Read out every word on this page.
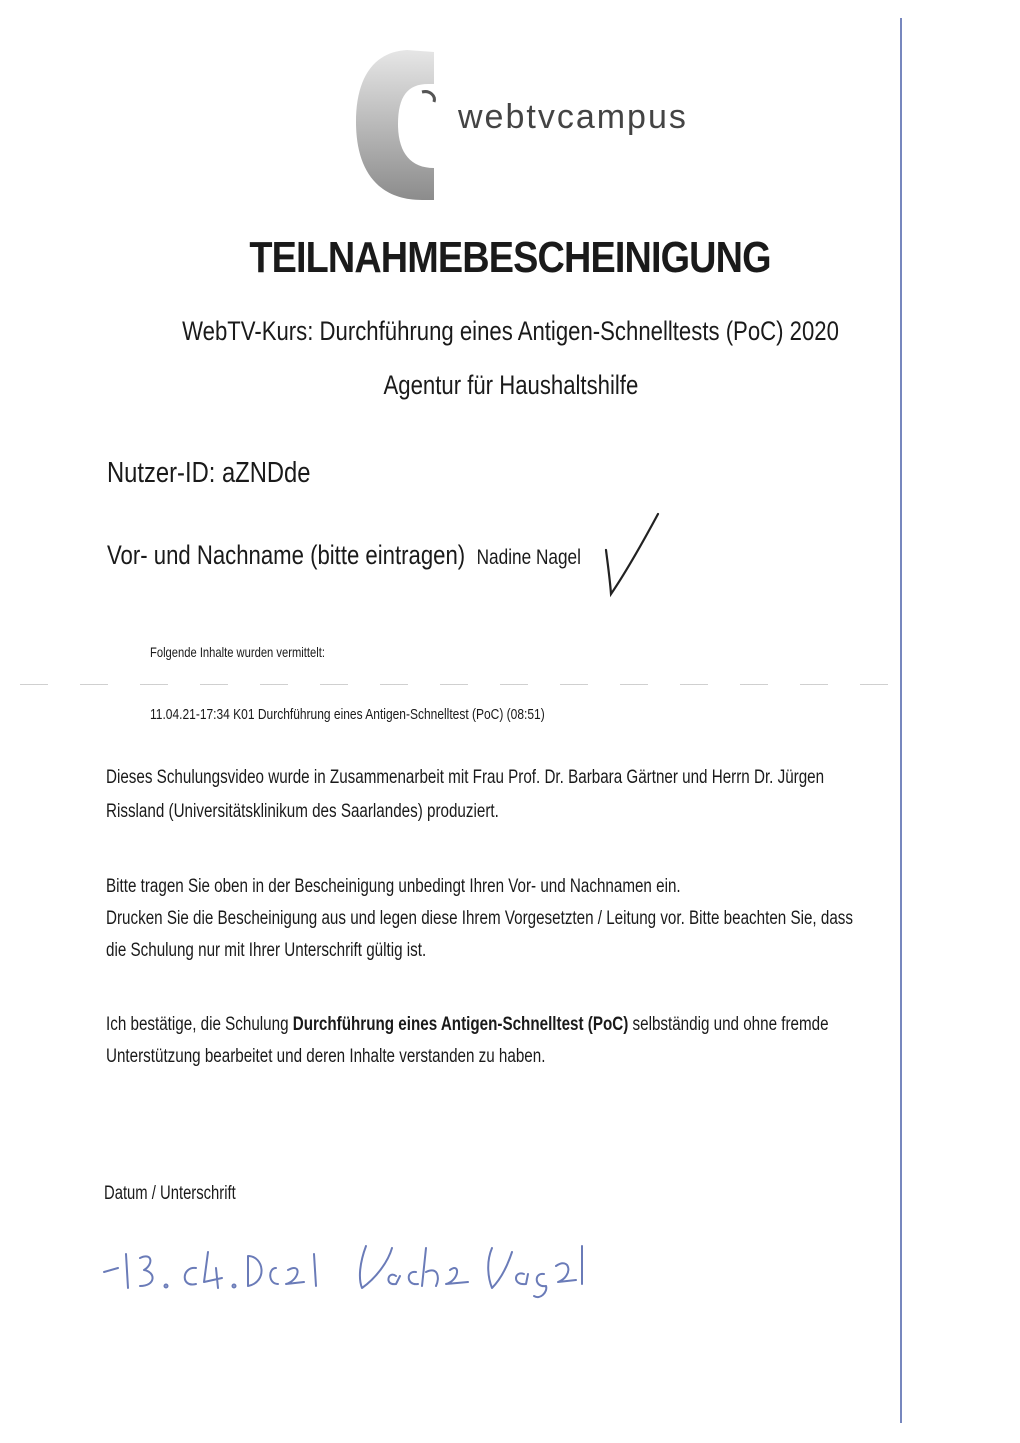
webtvcampus
TEILNAHMEBESCHEINIGUNG
WebTV-Kurs: Durchführung eines Antigen-Schnelltests (PoC) 2020
Agentur für Haushaltshilfe
Nutzer-ID: aZNDde
Vor- und Nachname (bitte eintragen) Nadine Nagel
Folgende Inhalte wurden vermittelt:
11.04.21-17:34 K01 Durchführung eines Antigen-Schnelltest (PoC) (08:51)
Dieses Schulungsvideo wurde in Zusammenarbeit mit Frau Prof. Dr. Barbara Gärtner und Herrn Dr. Jürgen
Rissland (Universitätsklinikum des Saarlandes) produziert.
Bitte tragen Sie oben in der Bescheinigung unbedingt Ihren Vor- und Nachnamen ein.
Drucken Sie die Bescheinigung aus und legen diese Ihrem Vorgesetzten / Leitung vor. Bitte beachten Sie, dass
die Schulung nur mit Ihrer Unterschrift gültig ist.
Ich bestätige, die Schulung Durchführung eines Antigen-Schnelltest (PoC) selbständig und ohne fremde
Unterstützung bearbeitet und deren Inhalte verstanden zu haben.
Datum / Unterschrift
